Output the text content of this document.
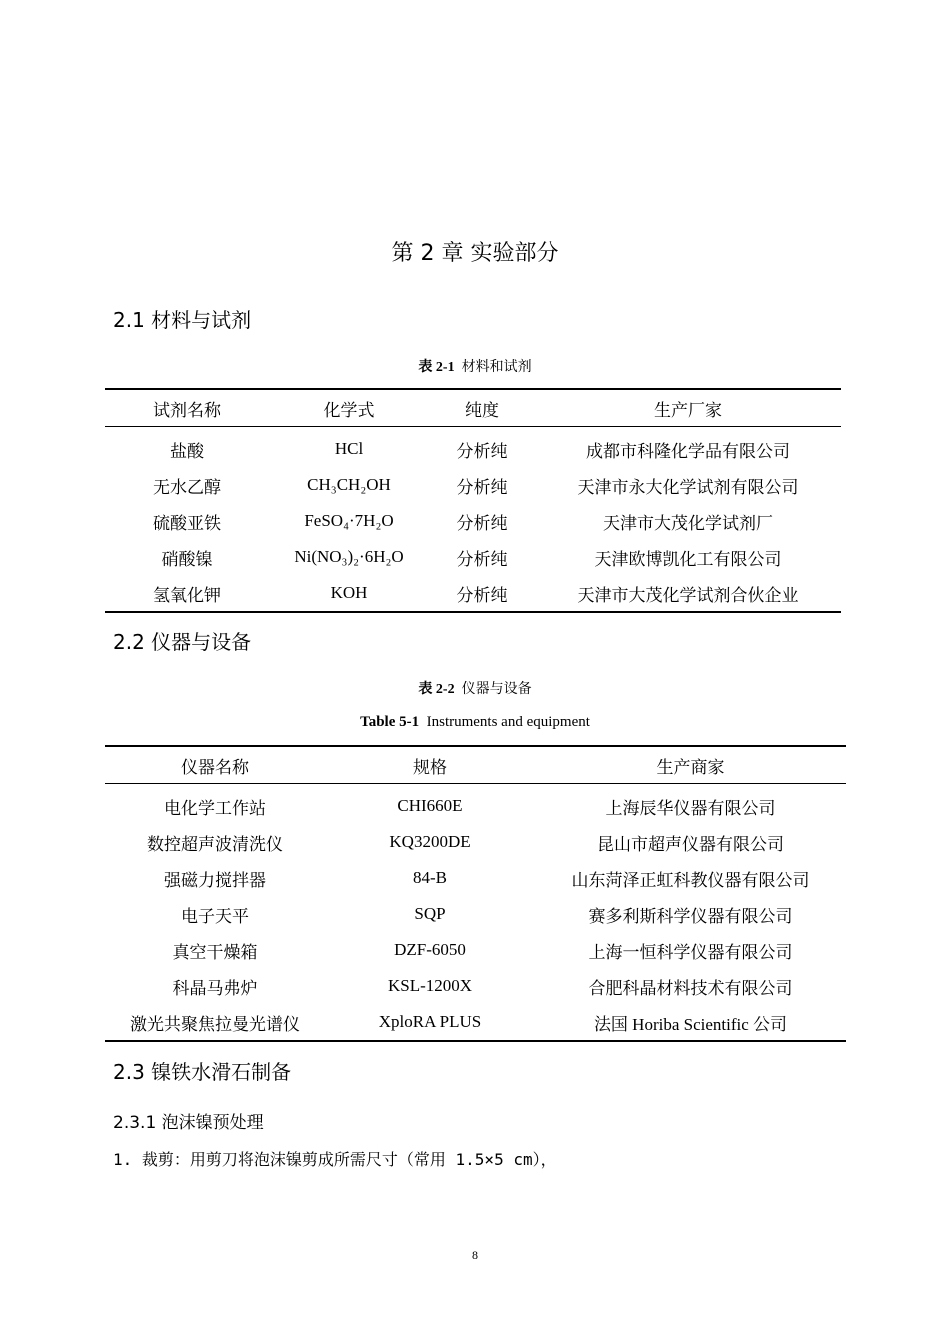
第 2 章 实验部分
2.1 材料与试剂
表 2-1 材料和试剂
试剂名称	化学式	纯度	生产厂家
盐酸	HCl	分析纯	成都市科隆化学品有限公司
无水乙醇	CH₃CH₂OH	分析纯	天津市永大化学试剂有限公司
硫酸亚铁	FeSO₄·7H₂O	分析纯	天津市大茂化学试剂厂
硝酸镍	Ni(NO₃)₂·6H₂O	分析纯	天津欧博凯化工有限公司
氢氧化钾	KOH	分析纯	天津市大茂化学试剂合伙企业
2.2 仪器与设备
表 2-2 仪器与设备
Table 5-1 Instruments and equipment
仪器名称	规格	生产商家
电化学工作站	CHI660E	上海辰华仪器有限公司
数控超声波清洗仪	KQ3200DE	昆山市超声仪器有限公司
强磁力搅拌器	84-B	山东菏泽正虹科教仪器有限公司
电子天平	SQP	赛多利斯科学仪器有限公司
真空干燥箱	DZF-6050	上海一恒科学仪器有限公司
科晶马弗炉	KSL-1200X	合肥科晶材料技术有限公司
激光共聚焦拉曼光谱仪	XploRA PLUS	法国 Horiba Scientific 公司
2.3 镍铁水滑石制备
2.3.1 泡沫镍预处理
1. 裁剪：用剪刀将泡沫镍剪成所需尺寸（常用 1.5×5 cm），
8
